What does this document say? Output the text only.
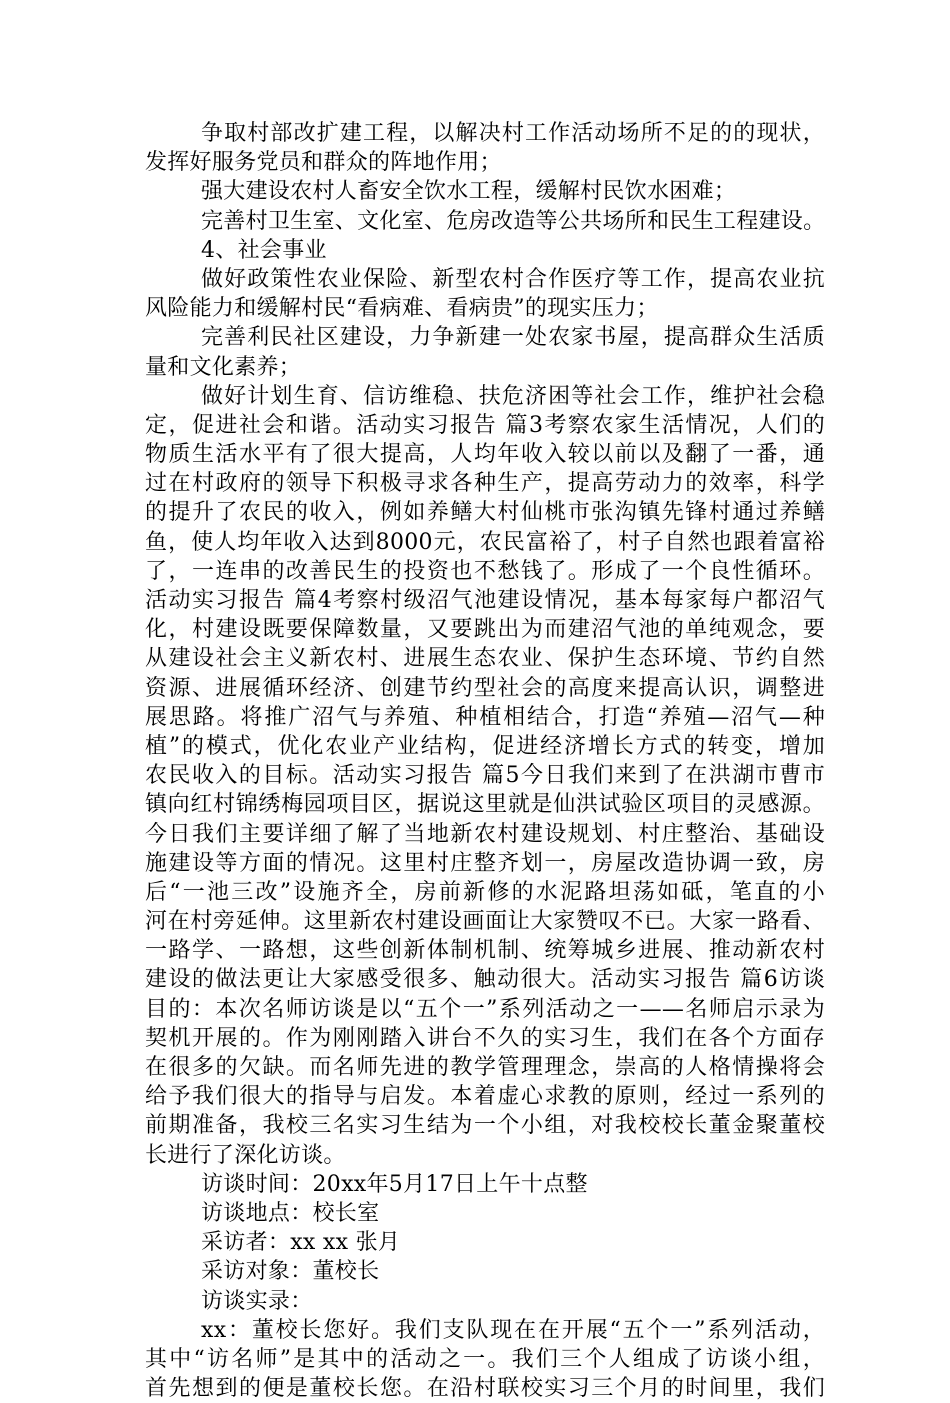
争取村部改扩建工程，以解决村工作活动场所不足的的现状，
发挥好服务党员和群众的阵地作用；
强大建设农村人畜安全饮水工程，缓解村民饮水困难；
完善村卫生室、文化室、危房改造等公共场所和民生工程建设。
4、社会事业
做好政策性农业保险、新型农村合作医疗等工作，提高农业抗
风险能力和缓解村民“看病难、看病贵”的现实压力；
完善利民社区建设，力争新建一处农家书屋，提高群众生活质
量和文化素养；
做好计划生育、信访维稳、扶危济困等社会工作，维护社会稳
定，促进社会和谐。活动实习报告 篇3考察农家生活情况，人们的
物质生活水平有了很大提高，人均年收入较以前以及翻了一番，通
过在村政府的领导下积极寻求各种生产，提高劳动力的效率，科学
的提升了农民的收入，例如养鳝大村仙桃市张沟镇先锋村通过养鳝
鱼，使人均年收入达到8000元，农民富裕了，村子自然也跟着富裕
了，一连串的改善民生的投资也不愁钱了。形成了一个良性循环。
活动实习报告 篇4考察村级沼气池建设情况，基本每家每户都沼气
化，村建设既要保障数量，又要跳出为而建沼气池的单纯观念，要
从建设社会主义新农村、进展生态农业、保护生态环境、节约自然
资源、进展循环经济、创建节约型社会的高度来提高认识，调整进
展思路。将推广沼气与养殖、种植相结合，打造“养殖—沼气—种
植”的模式，优化农业产业结构，促进经济增长方式的转变，增加
农民收入的目标。活动实习报告 篇5今日我们来到了在洪湖市曹市
镇向红村锦绣梅园项目区，据说这里就是仙洪试验区项目的灵感源。
今日我们主要详细了解了当地新农村建设规划、村庄整治、基础设
施建设等方面的情况。这里村庄整齐划一，房屋改造协调一致，房
后“一池三改”设施齐全，房前新修的水泥路坦荡如砥，笔直的小
河在村旁延伸。这里新农村建设画面让大家赞叹不已。大家一路看、
一路学、一路想，这些创新体制机制、统筹城乡进展、推动新农村
建设的做法更让大家感受很多、触动很大。活动实习报告 篇6访谈
目的：本次名师访谈是以“五个一”系列活动之一——名师启示录为
契机开展的。作为刚刚踏入讲台不久的实习生，我们在各个方面存
在很多的欠缺。而名师先进的教学管理理念，崇高的人格情操将会
给予我们很大的指导与启发。本着虚心求教的原则，经过一系列的
前期准备，我校三名实习生结为一个小组，对我校校长董金聚董校
长进行了深化访谈。
访谈时间：20xx年5月17日上午十点整
访谈地点：校长室
采访者：xx xx 张月
采访对象：董校长
访谈实录：
xx：董校长您好。我们支队现在在开展“五个一”系列活动，
其中“访名师”是其中的活动之一。我们三个人组成了访谈小组，
首先想到的便是董校长您。在沿村联校实习三个月的时间里，我们
